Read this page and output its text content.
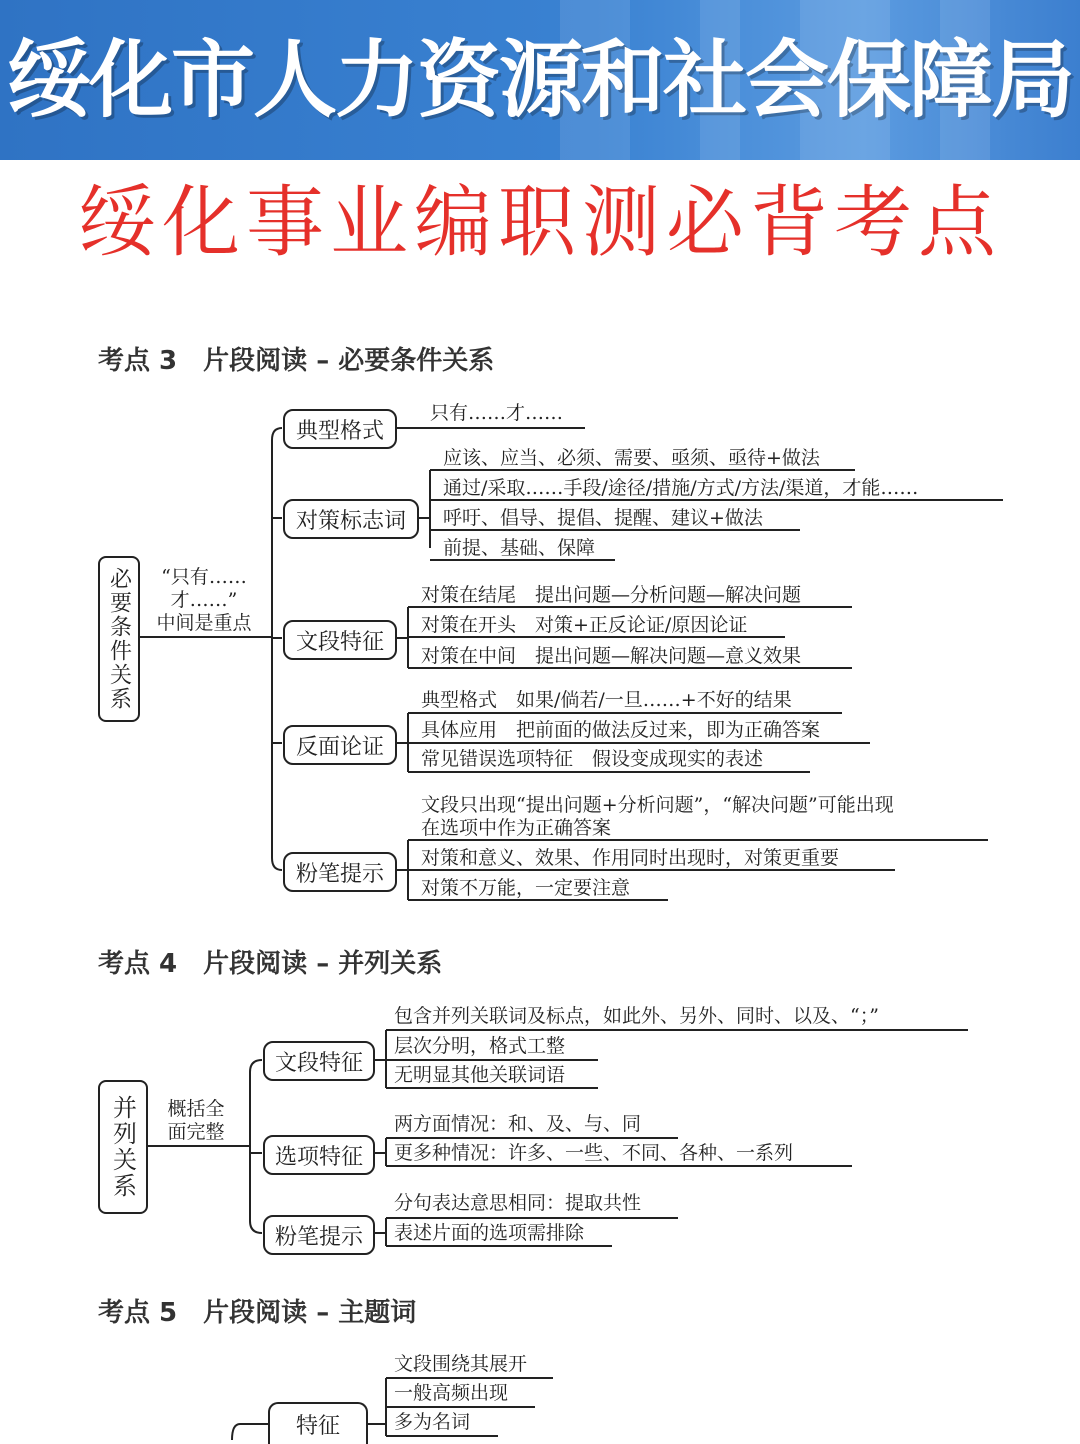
绥化市人力资源和社会保障局
绥化事业编职测必背考点
考点 3 片段阅读 – 必要条件关系
必要条件关系	“只有……
才……”
中间是重点
典型格式
只有……才……
对策标志词
应该、应当、必须、需要、亟须、亟待+做法
通过/采取……手段/途径/措施/方式/方法/渠道，才能……
呼吁、倡导、提倡、提醒、建议+做法
前提、基础、保障
文段特征
对策在结尾　提出问题—分析问题—解决问题
对策在开头　对策+正反论证/原因论证
对策在中间　提出问题—解决问题—意义效果
反面论证
典型格式　如果/倘若/一旦……+不好的结果
具体应用　把前面的做法反过来，即为正确答案
常见错误选项特征　假设变成现实的表述
粉笔提示
文段只出现“提出问题+分析问题”，“解决问题”可能出现
在选项中作为正确答案
对策和意义、效果、作用同时出现时，对策更重要
对策不万能，一定要注意
考点 4 片段阅读 – 并列关系
并列关系	概括全
面完整
文段特征
包含并列关联词及标点，如此外、另外、同时、以及、“；”
层次分明，格式工整
无明显其他关联词语
选项特征
两方面情况：和、及、与、同
更多种情况：许多、一些、不同、各种、一系列
粉笔提示
分句表达意思相同：提取共性
表述片面的选项需排除
考点 5 片段阅读 – 主题词
特征
文段围绕其展开
一般高频出现
多为名词
